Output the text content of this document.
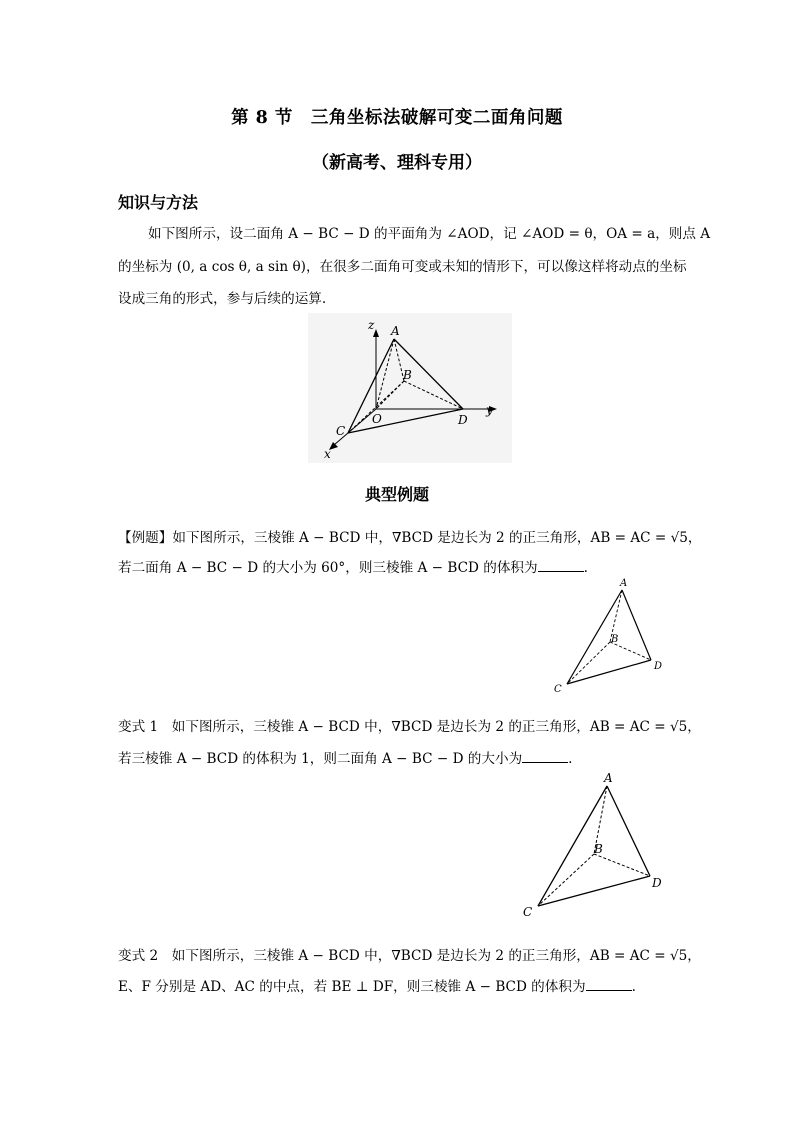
第 8 节　三角坐标法破解可变二面角问题
（新高考、理科专用）
知识与方法
如下图所示，设二面角 A − BC − D 的平面角为 ∠AOD，记 ∠AOD = θ，OA = a，则点 A
的坐标为 (0, a cos θ, a sin θ)，在很多二面角可变或未知的情形下，可以像这样将动点的坐标
设成三角的形式，参与后续的运算.
z A
B
O
C
D
y
x
典型例题
【例题】如下图所示，三棱锥 A − BCD 中，∇BCD 是边长为 2 的正三角形，AB = AC = √5，
若二面角 A − BC − D 的大小为 60°，则三棱锥 A − BCD 的体积为	.
A
B
C
D
变式 1　如下图所示，三棱锥 A − BCD 中，∇BCD 是边长为 2 的正三角形，AB = AC = √5，
若三棱锥 A − BCD 的体积为 1，则二面角 A − BC − D 的大小为	.
A
B
C
D
变式 2　如下图所示，三棱锥 A − BCD 中，∇BCD 是边长为 2 的正三角形，AB = AC = √5，
E、F 分别是 AD、AC 的中点，若 BE ⊥ DF，则三棱锥 A − BCD 的体积为	.
